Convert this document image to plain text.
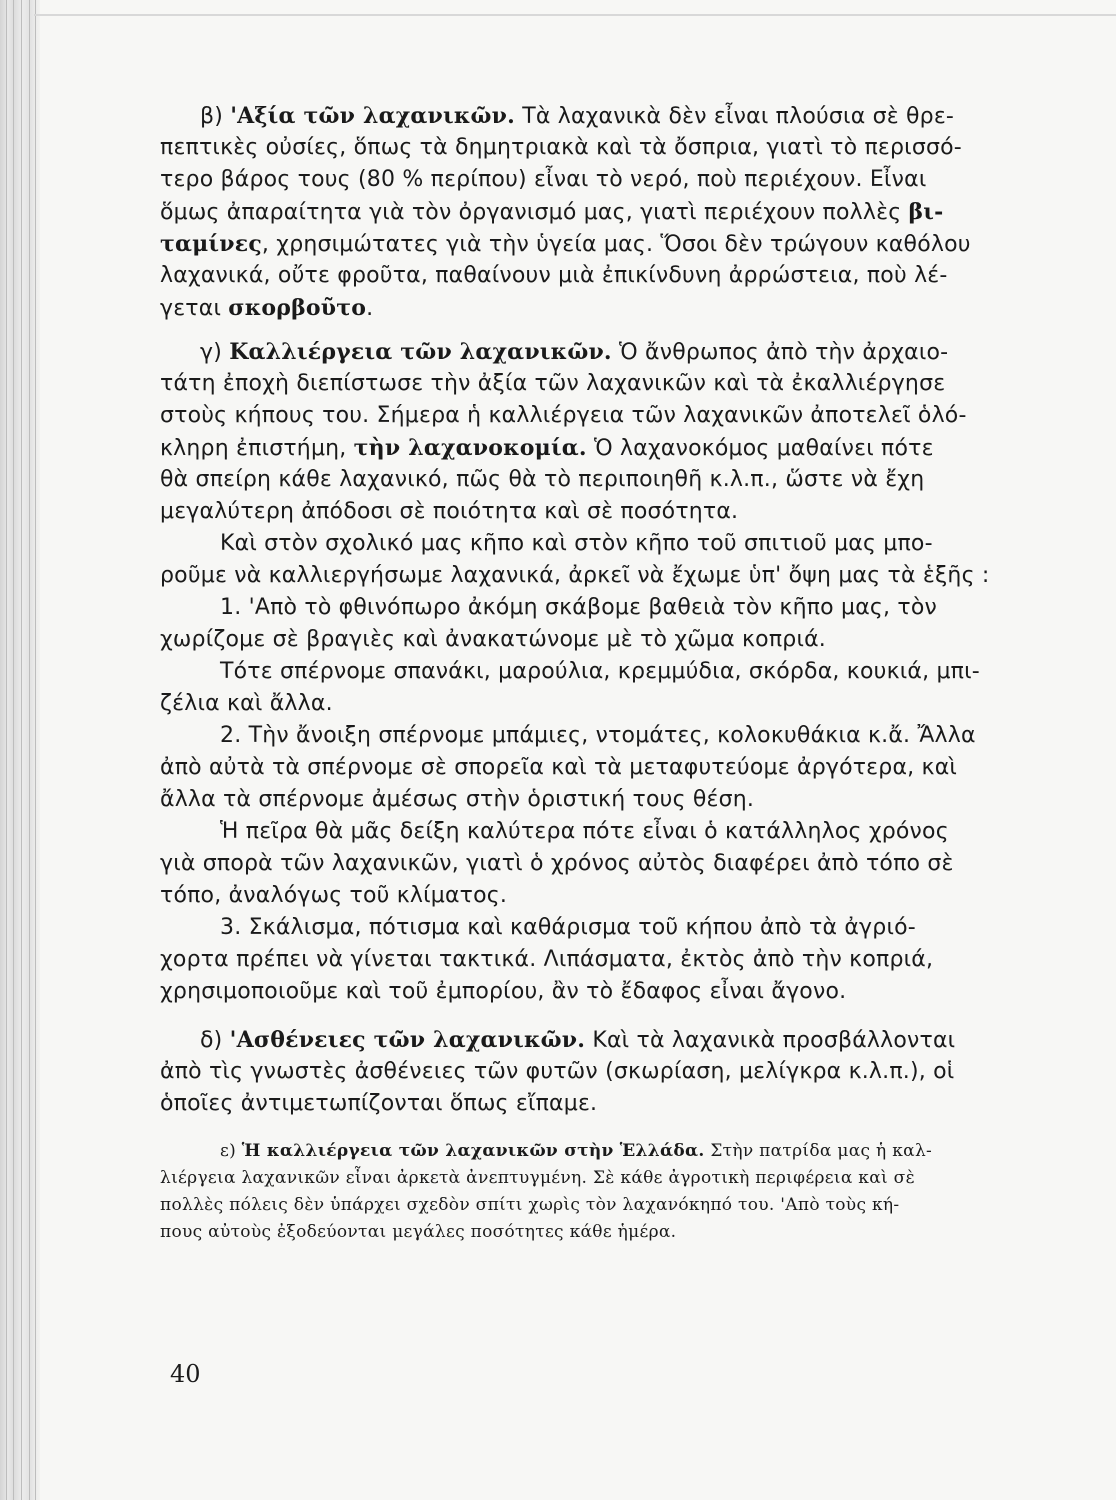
β) 'Αξία τῶν λαχανικῶν. Τὰ λαχανικὰ δὲν εἶναι πλούσια σὲ θρε-

πεπτικὲς οὐσίες, ὅπως τὰ δημητριακὰ καὶ τὰ ὄσπρια, γιατὶ τὸ περισσό-

τερο βάρος τους (80 % περίπου) εἶναι τὸ νερό, ποὺ περιέχουν. Εἶναι

ὅμως ἀπαραίτητα γιὰ τὸν ὀργανισμό μας, γιατὶ περιέχουν πολλὲς βι-

ταμίνες, χρησιμώτατες γιὰ τὴν ὑγεία μας. Ὅσοι δὲν τρώγουν καθόλου

λαχανικά, οὔτε φροῦτα, παθαίνουν μιὰ ἐπικίνδυνη ἀρρώστεια, ποὺ λέ-

γεται σκορβοῦτο.

γ) Καλλιέργεια τῶν λαχανικῶν. Ὁ ἄνθρωπος ἀπὸ τὴν ἀρχαιο-

τάτη ἐποχὴ διεπίστωσε τὴν ἀξία τῶν λαχανικῶν καὶ τὰ ἐκαλλιέργησε

στοὺς κήπους του. Σήμερα ἡ καλλιέργεια τῶν λαχανικῶν ἀποτελεῖ ὁλό-

κληρη ἐπιστήμη, τὴν λαχανοκομία. Ὁ λαχανοκόμος μαθαίνει πότε

θὰ σπείρη κάθε λαχανικό, πῶς θὰ τὸ περιποιηθῆ κ.λ.π., ὥστε νὰ ἔχη

μεγαλύτερη ἀπόδοσι σὲ ποιότητα καὶ σὲ ποσότητα.

Καὶ στὸν σχολικό μας κῆπο καὶ στὸν κῆπο τοῦ σπιτιοῦ μας μπο-

ροῦμε νὰ καλλιεργήσωμε λαχανικά, ἀρκεῖ νὰ ἔχωμε ὑπ' ὄψη μας τὰ ἑξῆς :

1. 'Απὸ τὸ φθινόπωρο ἀκόμη σκάβομε βαθειὰ τὸν κῆπο μας, τὸν

χωρίζομε σὲ βραγιὲς καὶ ἀνακατώνομε μὲ τὸ χῶμα κοπριά.

Τότε σπέρνομε σπανάκι, μαρούλια, κρεμμύδια, σκόρδα, κουκιά, μπι-

ζέλια καὶ ἄλλα.

2. Τὴν ἄνοιξη σπέρνομε μπάμιες, ντομάτες, κολοκυθάκια κ.ἄ. Ἄλλα

ἀπὸ αὐτὰ τὰ σπέρνομε σὲ σπορεῖα καὶ τὰ μεταφυτεύομε ἀργότερα, καὶ

ἄλλα τὰ σπέρνομε ἀμέσως στὴν ὁριστική τους θέση.

Ἡ πεῖρα θὰ μᾶς δείξη καλύτερα πότε εἶναι ὁ κατάλληλος χρόνος

γιὰ σπορὰ τῶν λαχανικῶν, γιατὶ ὁ χρόνος αὐτὸς διαφέρει ἀπὸ τόπο σὲ

τόπο, ἀναλόγως τοῦ κλίματος.

3. Σκάλισμα, πότισμα καὶ καθάρισμα τοῦ κήπου ἀπὸ τὰ ἀγριό-

χορτα πρέπει νὰ γίνεται τακτικά. Λιπάσματα, ἐκτὸς ἀπὸ τὴν κοπριά,

χρησιμοποιοῦμε καὶ τοῦ ἐμπορίου, ἂν τὸ ἔδαφος εἶναι ἄγονο.

δ) 'Ασθένειες τῶν λαχανικῶν. Καὶ τὰ λαχανικὰ προσβάλλονται

ἀπὸ τὶς γνωστὲς ἀσθένειες τῶν φυτῶν (σκωρίαση, μελίγκρα κ.λ.π.), οἱ

ὁποῖες ἀντιμετωπίζονται ὅπως εἴπαμε.

ε) Ἡ καλλιέργεια τῶν λαχανικῶν στὴν Ἑλλάδα. Στὴν πατρίδα μας ἡ καλ-

λιέργεια λαχανικῶν εἶναι ἀρκετὰ ἀνεπτυγμένη. Σὲ κάθε ἀγροτικὴ περιφέρεια καὶ σὲ

πολλὲς πόλεις δὲν ὑπάρχει σχεδὸν σπίτι χωρὶς τὸν λαχανόκηπό του. 'Απὸ τοὺς κή-

πους αὐτοὺς ἐξοδεύονται μεγάλες ποσότητες κάθε ἡμέρα.

40
